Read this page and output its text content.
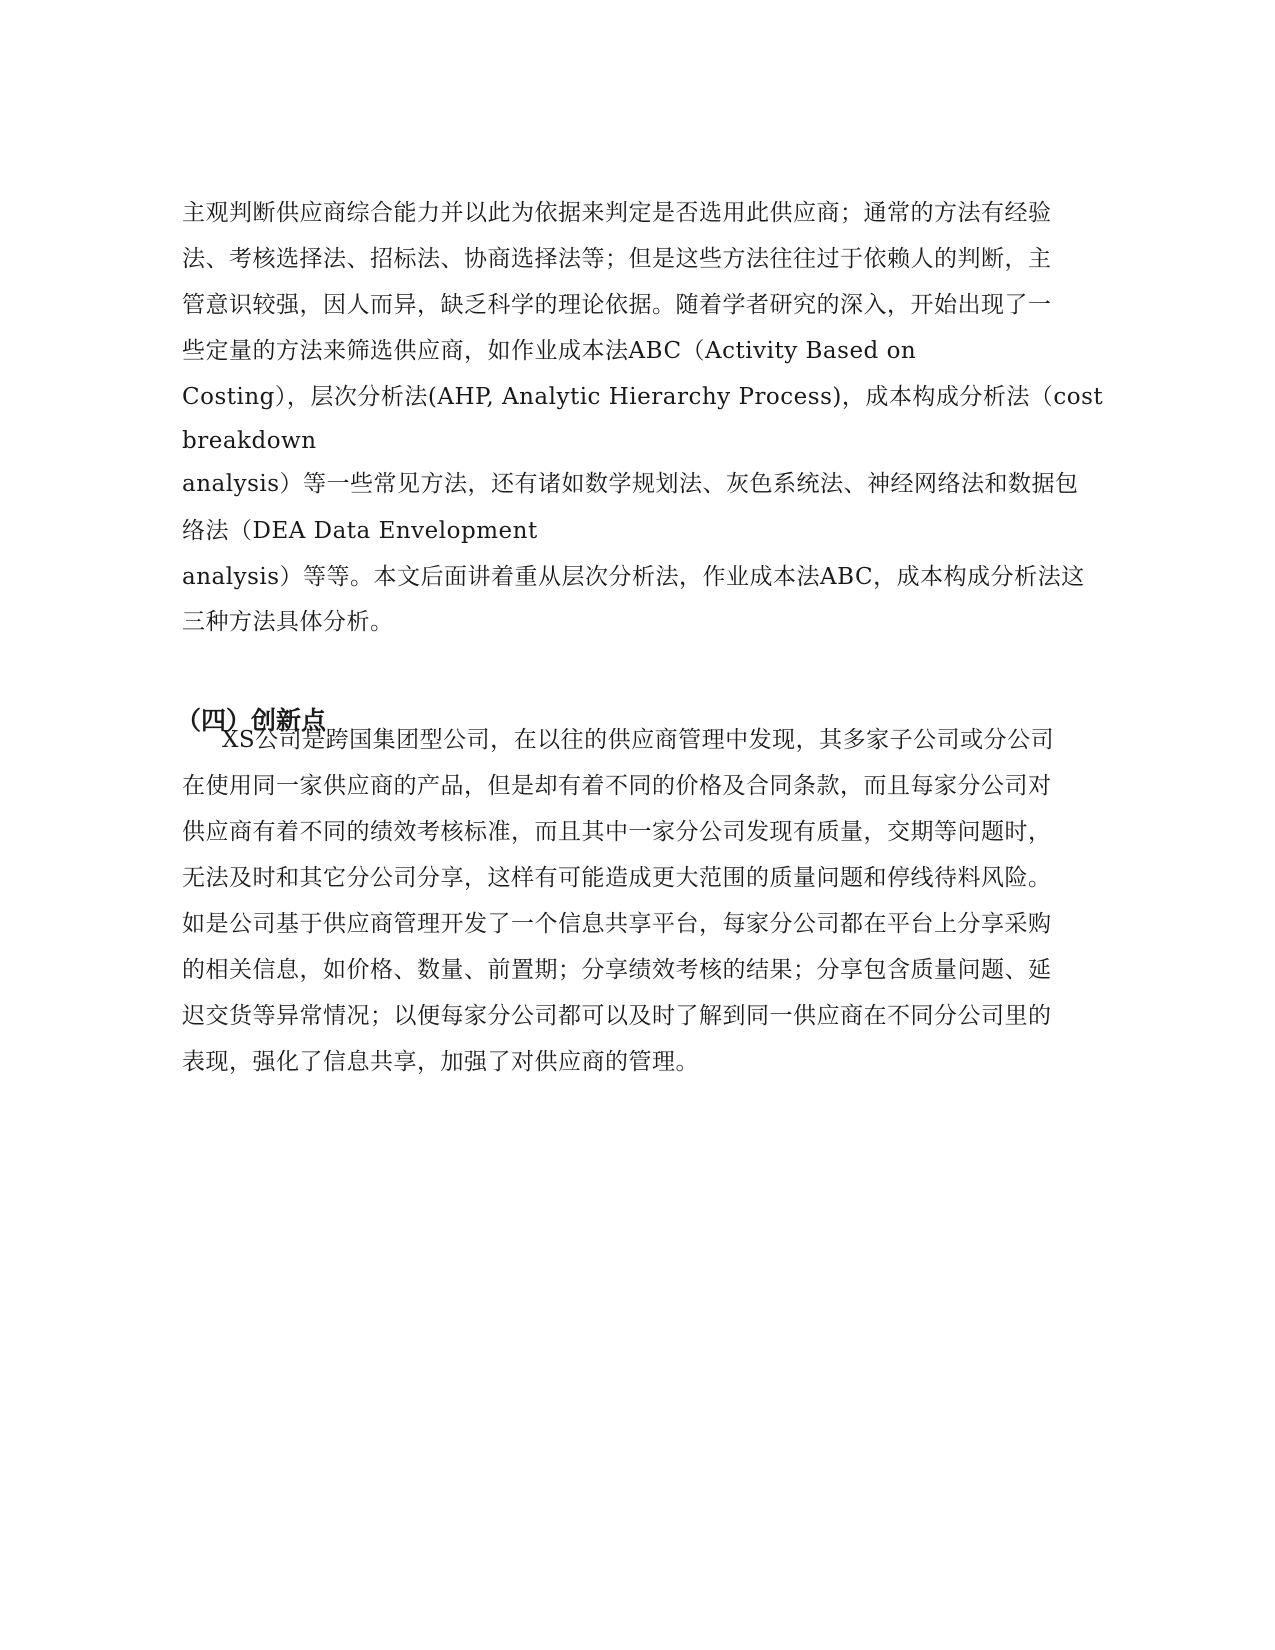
主观判断供应商综合能力并以此为依据来判定是否选用此供应商；通常的方法有经验
法、考核选择法、招标法、协商选择法等；但是这些方法往往过于依赖人的判断，主
管意识较强，因人而异，缺乏科学的理论依据。随着学者研究的深入，开始出现了一
些定量的方法来筛选供应商，如作业成本法ABC（Activity Based on
Costing），层次分析法(AHP, Analytic Hierarchy Process)，成本构成分析法（cost
breakdown
analysis）等一些常见方法，还有诸如数学规划法、灰色系统法、神经网络法和数据包
络法（DEA Data Envelopment
analysis）等等。本文后面讲着重从层次分析法，作业成本法ABC，成本构成分析法这
三种方法具体分析。
（四）创新点
XS公司是跨国集团型公司，在以往的供应商管理中发现，其多家子公司或分公司
在使用同一家供应商的产品，但是却有着不同的价格及合同条款，而且每家分公司对
供应商有着不同的绩效考核标准，而且其中一家分公司发现有质量，交期等问题时，
无法及时和其它分公司分享，这样有可能造成更大范围的质量问题和停线待料风险。
如是公司基于供应商管理开发了一个信息共享平台，每家分公司都在平台上分享采购
的相关信息，如价格、数量、前置期；分享绩效考核的结果；分享包含质量问题、延
迟交货等异常情况；以便每家分公司都可以及时了解到同一供应商在不同分公司里的
表现，强化了信息共享，加强了对供应商的管理。
